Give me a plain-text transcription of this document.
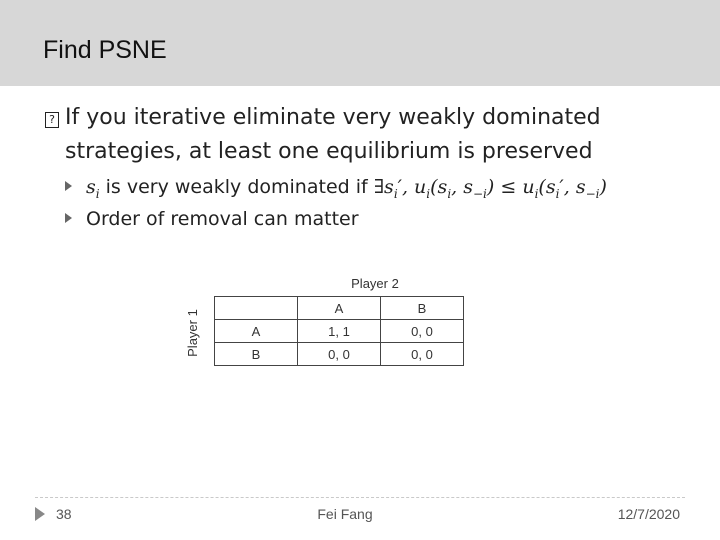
Find PSNE
? If you iterative eliminate very weakly dominated strategies, at least one equilibrium is preserved
$s_i$ is very weakly dominated if $\exists s_i'$, $u_i(s_i$, $s_{-i}) \le u_i(s_i'$, $s_{-i}$)
Order of removal can matter
Player 2
Player 1
	A	B
A	1, 1	0, 0
B	0, 0	0, 0
38	Fei Fang	12/7/2020
